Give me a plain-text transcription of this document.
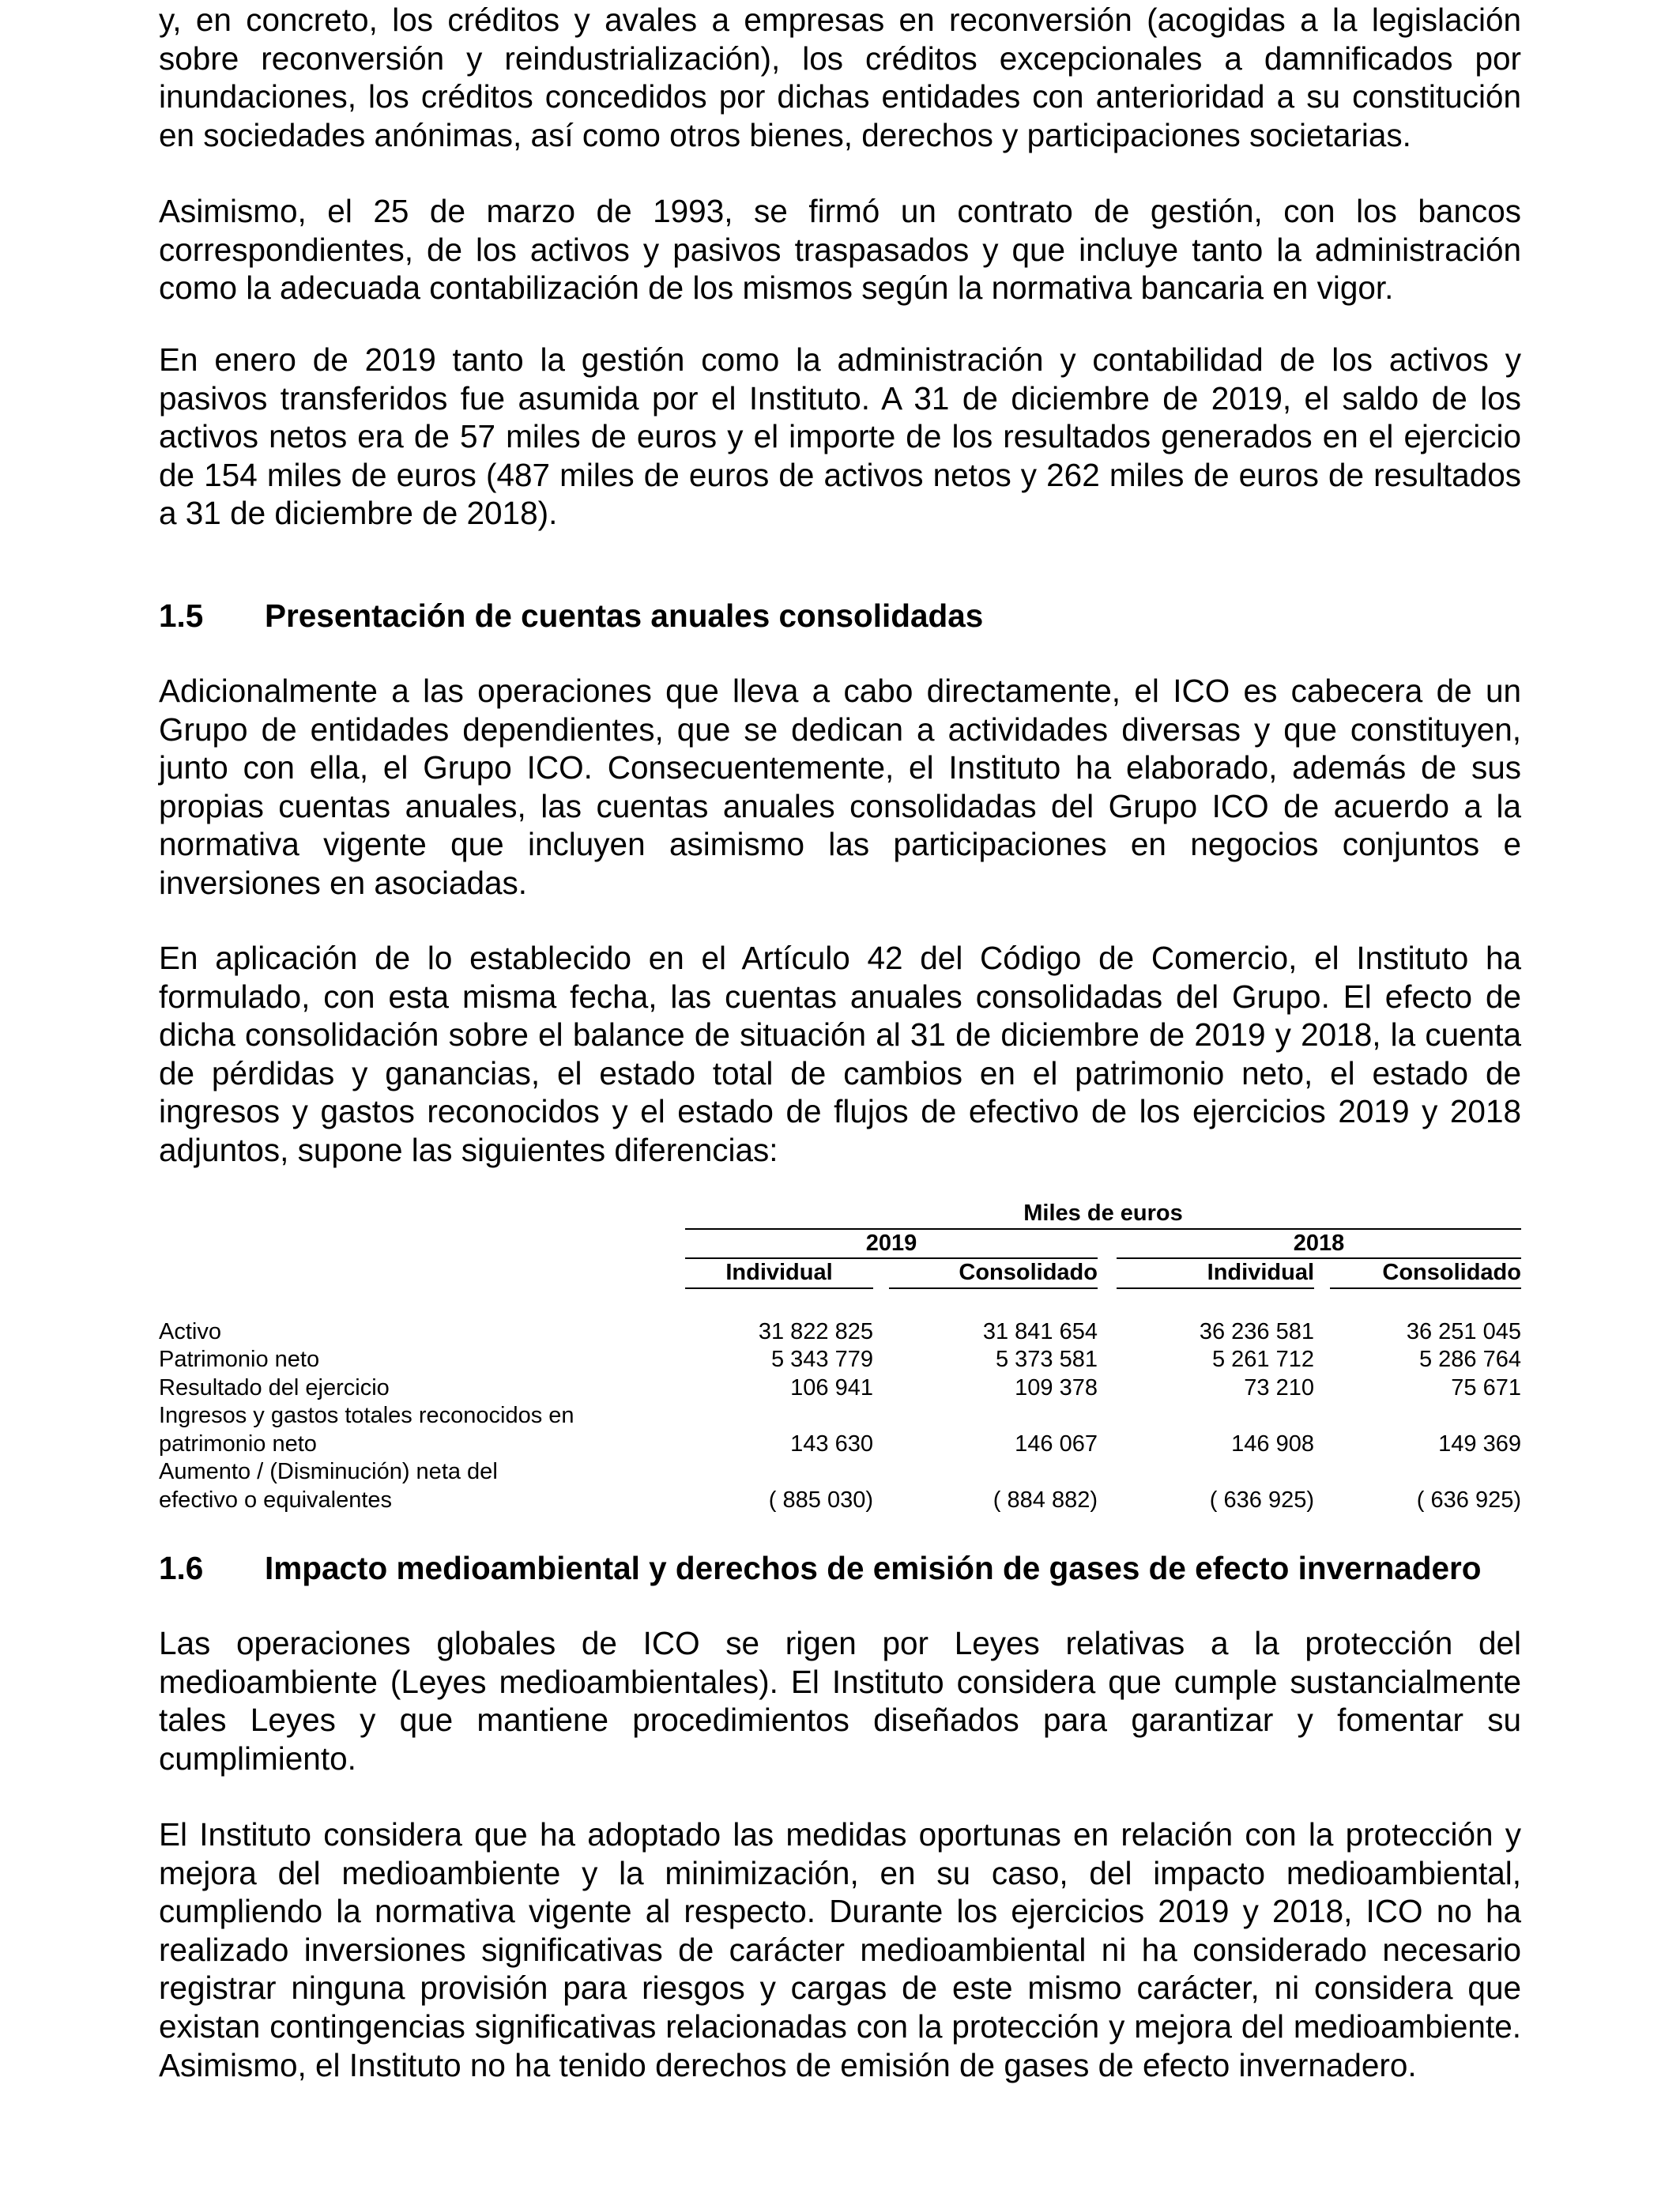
y, en concreto, los créditos y avales a empresas en reconversión (acogidas a la legislación sobre reconversión y reindustrialización), los créditos excepcionales a damnificados por inundaciones, los créditos concedidos por dichas entidades con anterioridad a su constitución en sociedades anónimas, así como otros bienes, derechos y participaciones societarias.

Asimismo, el 25 de marzo de 1993, se firmó un contrato de gestión, con los bancos correspondientes, de los activos y pasivos traspasados y que incluye tanto la administración como la adecuada contabilización de los mismos según la normativa bancaria en vigor.

En enero de 2019 tanto la gestión como la administración y contabilidad de los activos y pasivos transferidos fue asumida por el Instituto. A 31 de diciembre de 2019, el saldo de los activos netos era de 57 miles de euros y el importe de los resultados generados en el ejercicio de 154 miles de euros (487 miles de euros de activos netos y 262 miles de euros de resultados a 31 de diciembre de 2018).

1.5 Presentación de cuentas anuales consolidadas

Adicionalmente a las operaciones que lleva a cabo directamente, el ICO es cabecera de un Grupo de entidades dependientes, que se dedican a actividades diversas y que constituyen, junto con ella, el Grupo ICO. Consecuentemente, el Instituto ha elaborado, además de sus propias cuentas anuales, las cuentas anuales consolidadas del Grupo ICO de acuerdo a la normativa vigente que incluyen asimismo las participaciones en negocios conjuntos e inversiones en asociadas.

En aplicación de lo establecido en el Artículo 42 del Código de Comercio, el Instituto ha formulado, con esta misma fecha, las cuentas anuales consolidadas del Grupo. El efecto de dicha consolidación sobre el balance de situación al 31 de diciembre de 2019 y 2018, la cuenta de pérdidas y ganancias, el estado total de cambios en el patrimonio neto, el estado de ingresos y gastos reconocidos y el estado de flujos de efectivo de los ejercicios 2019 y 2018 adjuntos, supone las siguientes diferencias:

	Miles de euros						
	2019				2018		
	Individual		Consolidado		Individual		Consolidado

Activo	31 822 825		31 841 654		36 236 581		36 251 045
Patrimonio neto	5 343 779		5 373 581		5 261 712		5 286 764
Resultado del ejercicio	106 941		109 378		73 210		75 671
Ingresos y gastos totales reconocidos en							
patrimonio neto	143 630		146 067		146 908		149 369
Aumento / (Disminución) neta del							
efectivo o equivalentes	( 885 030)		( 884 882)		( 636 925)		( 636 925)
1.6 Impacto medioambiental y derechos de emisión de gases de efecto invernadero

Las operaciones globales de ICO se rigen por Leyes relativas a la protección del medioambiente (Leyes medioambientales). El Instituto considera que cumple sustancialmente tales Leyes y que mantiene procedimientos diseñados para garantizar y fomentar su cumplimiento.

El Instituto considera que ha adoptado las medidas oportunas en relación con la protección y mejora del medioambiente y la minimización, en su caso, del impacto medioambiental, cumpliendo la normativa vigente al respecto. Durante los ejercicios 2019 y 2018, ICO no ha realizado inversiones significativas de carácter medioambiental ni ha considerado necesario registrar ninguna provisión para riesgos y cargas de este mismo carácter, ni considera que existan contingencias significativas relacionadas con la protección y mejora del medioambiente. Asimismo, el Instituto no ha tenido derechos de emisión de gases de efecto invernadero.
